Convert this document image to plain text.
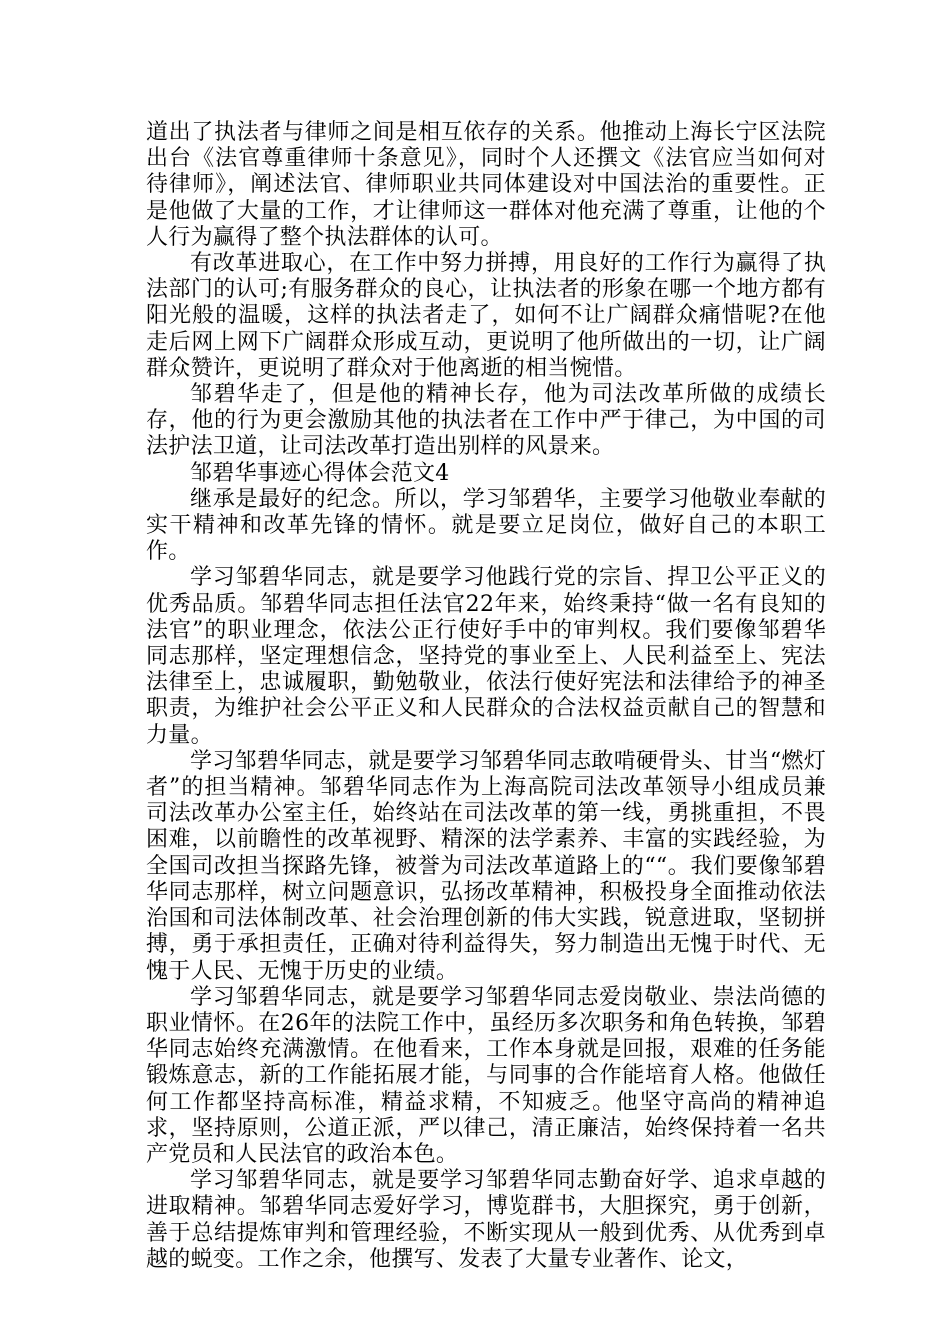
道出了执法者与律师之间是相互依存的关系。他推动上海长宁区法院出台《法官尊重律师十条意见》，同时个人还撰文《法官应当如何对待律师》，阐述法官、律师职业共同体建设对中国法治的重要性。正是他做了大量的工作，才让律师这一群体对他充满了尊重，让他的个人行为赢得了整个执法群体的认可。

有改革进取心，在工作中努力拼搏，用良好的工作行为赢得了执法部门的认可;有服务群众的良心，让执法者的形象在哪一个地方都有阳光般的温暖，这样的执法者走了，如何不让广阔群众痛惜呢?在他走后网上网下广阔群众形成互动，更说明了他所做出的一切，让广阔群众赞许，更说明了群众对于他离逝的相当惋惜。

邹碧华走了，但是他的精神长存，他为司法改革所做的成绩长存，他的行为更会激励其他的执法者在工作中严于律己，为中国的司法护法卫道，让司法改革打造出别样的风景来。

邹碧华事迹心得体会范文4

继承是最好的纪念。所以，学习邹碧华，主要学习他敬业奉献的实干精神和改革先锋的情怀。就是要立足岗位，做好自己的本职工作。

学习邹碧华同志，就是要学习他践行党的宗旨、捍卫公平正义的优秀品质。邹碧华同志担任法官22年来，始终秉持“做一名有良知的法官”的职业理念，依法公正行使好手中的审判权。我们要像邹碧华同志那样，坚定理想信念，坚持党的事业至上、人民利益至上、宪法法律至上，忠诚履职，勤勉敬业，依法行使好宪法和法律给予的神圣职责，为维护社会公平正义和人民群众的合法权益贡献自己的智慧和力量。

学习邹碧华同志，就是要学习邹碧华同志敢啃硬骨头、甘当“燃灯者”的担当精神。邹碧华同志作为上海高院司法改革领导小组成员兼司法改革办公室主任，始终站在司法改革的第一线，勇挑重担，不畏困难，以前瞻性的改革视野、精深的法学素养、丰富的实践经验，为全国司改担当探路先锋，被誉为司法改革道路上的““。我们要像邹碧华同志那样，树立问题意识，弘扬改革精神，积极投身全面推动依法治国和司法体制改革、社会治理创新的伟大实践，锐意进取，坚韧拼搏，勇于承担责任，正确对待利益得失，努力制造出无愧于时代、无愧于人民、无愧于历史的业绩。

学习邹碧华同志，就是要学习邹碧华同志爱岗敬业、崇法尚德的职业情怀。在26年的法院工作中，虽经历多次职务和角色转换，邹碧华同志始终充满激情。在他看来，工作本身就是回报，艰难的任务能锻炼意志，新的工作能拓展才能，与同事的合作能培育人格。他做任何工作都坚持高标准，精益求精，不知疲乏。他坚守高尚的精神追求，坚持原则，公道正派，严以律己，清正廉洁，始终保持着一名共产党员和人民法官的政治本色。

学习邹碧华同志，就是要学习邹碧华同志勤奋好学、追求卓越的进取精神。邹碧华同志爱好学习，博览群书，大胆探究，勇于创新，善于总结提炼审判和管理经验，不断实现从一般到优秀、从优秀到卓越的蜕变。工作之余，他撰写、发表了大量专业著作、论文，
